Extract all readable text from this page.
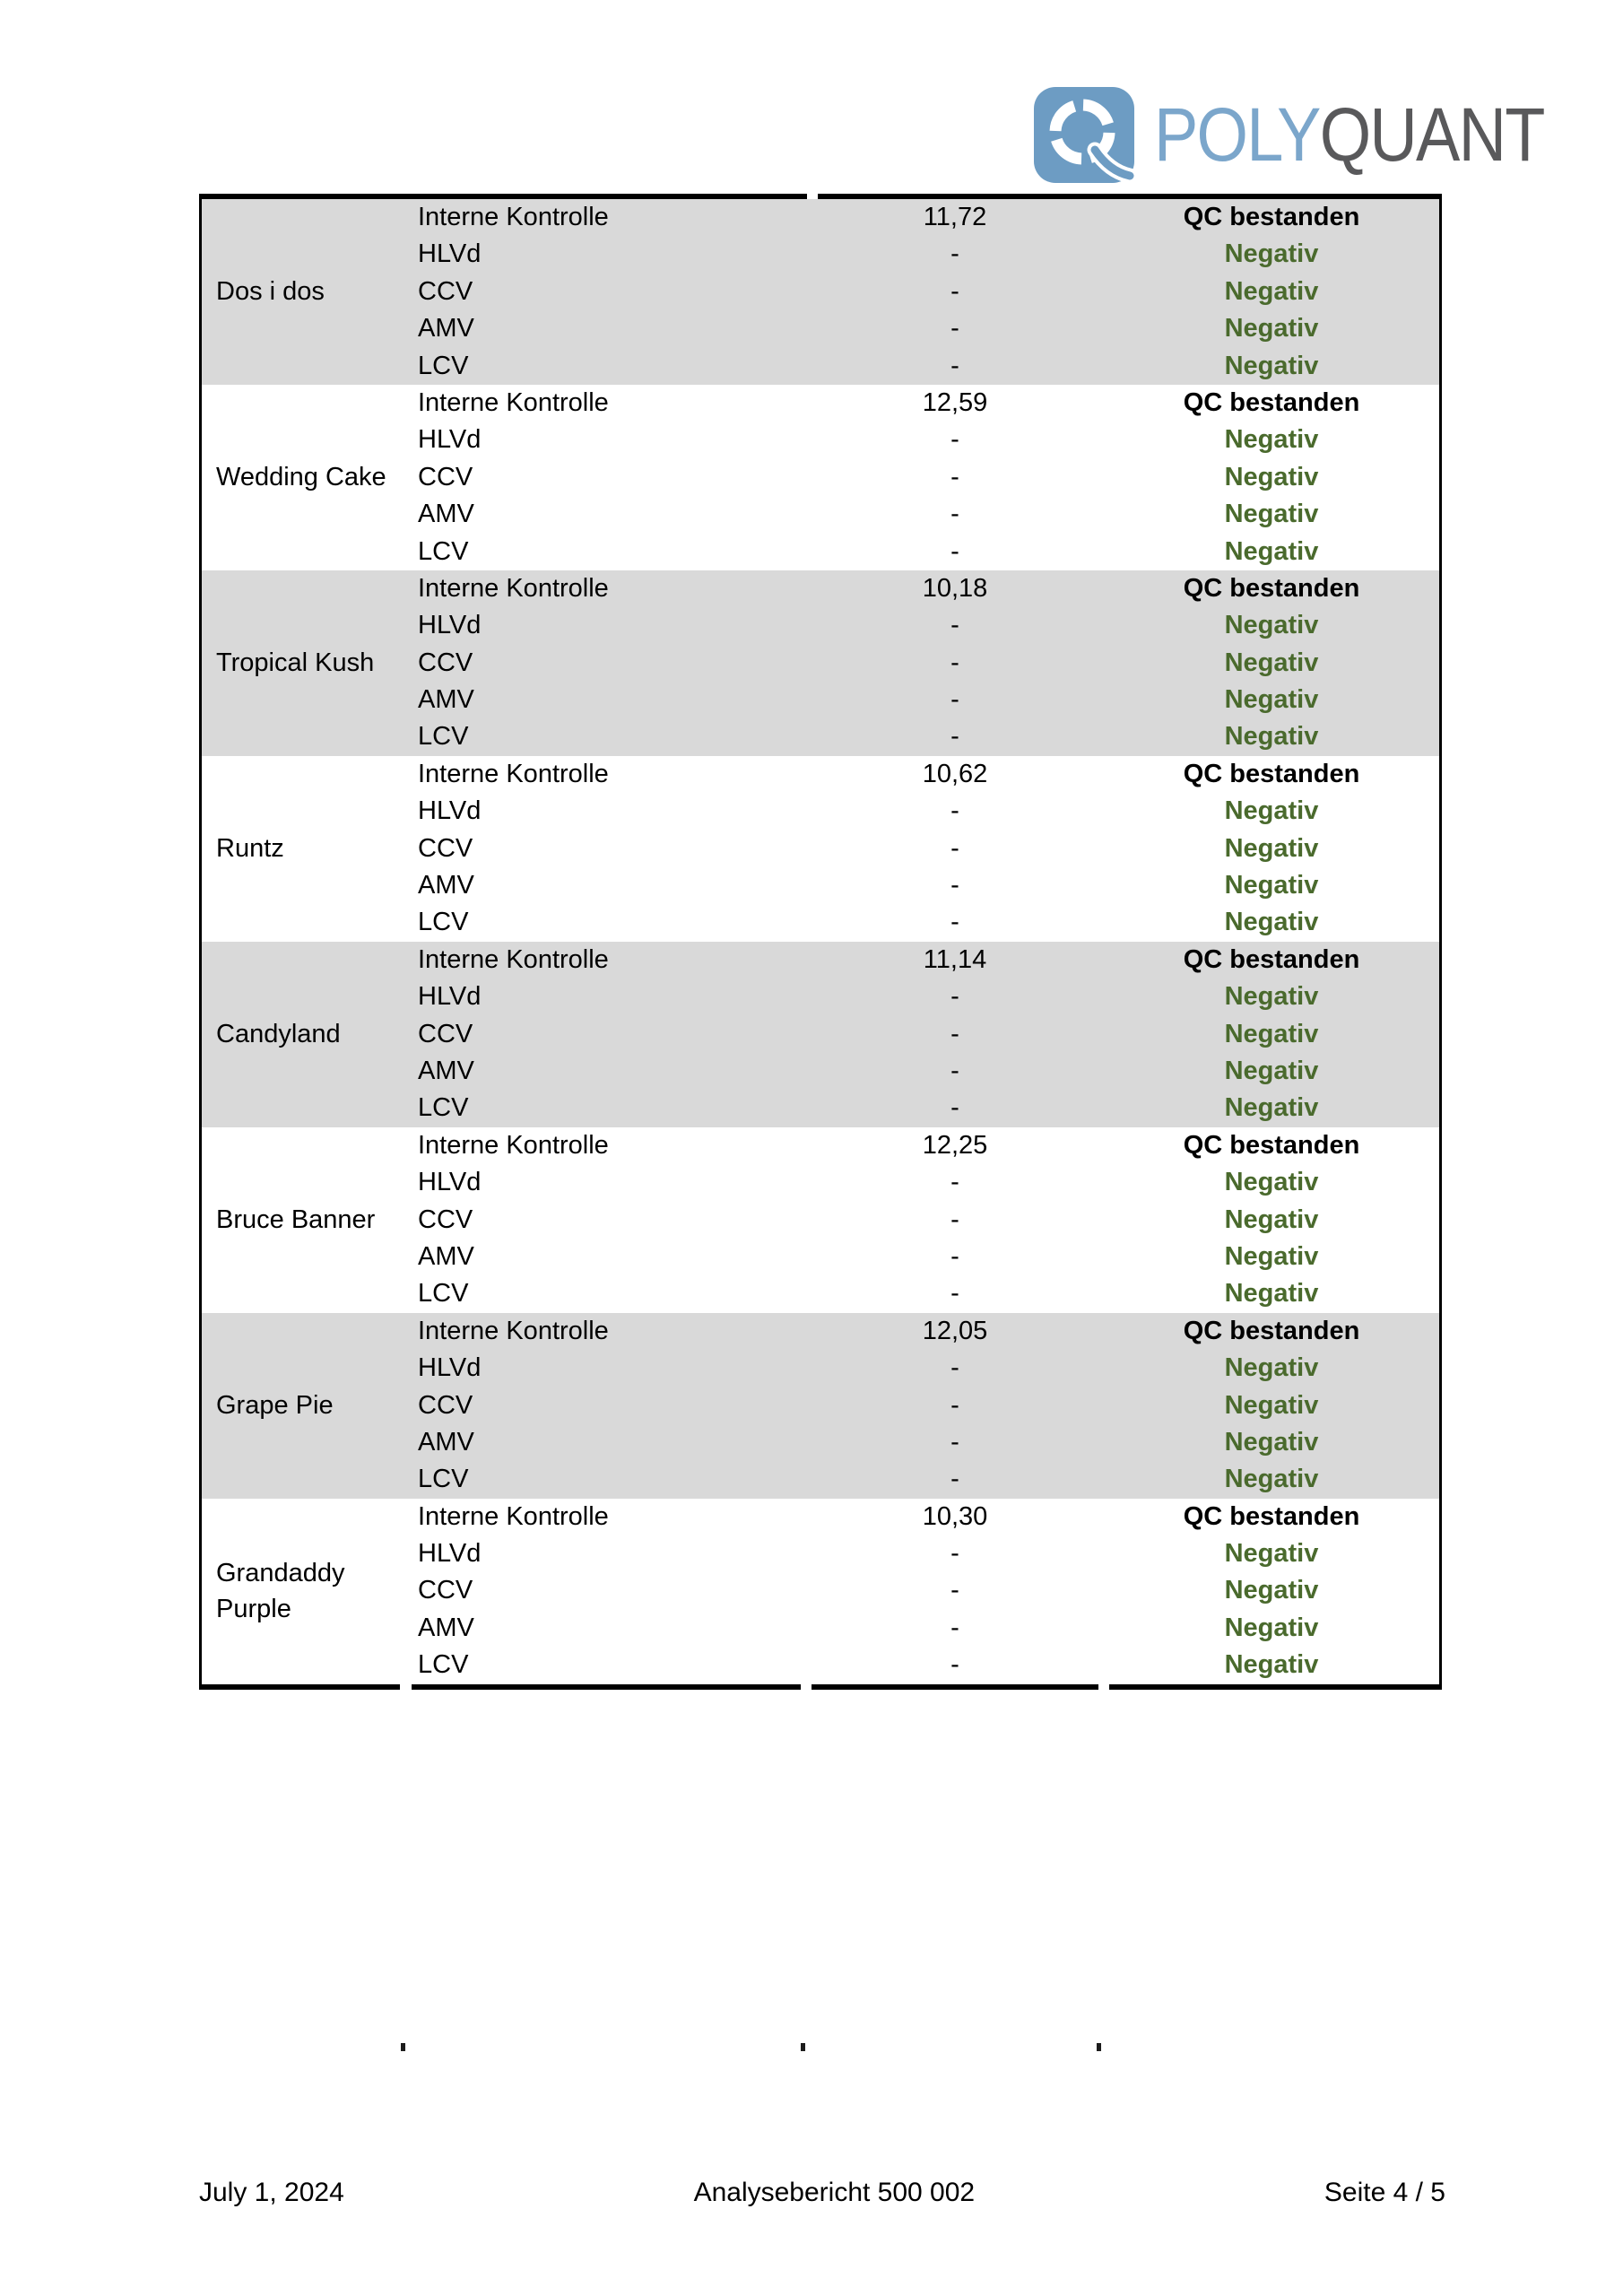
POLYQUANT
Dos i dos
Interne Kontrolle	11,72	QC bestanden
HLVd	-	Negativ
CCV	-	Negativ
AMV	-	Negativ
LCV	-	Negativ
Wedding Cake
Interne Kontrolle	12,59	QC bestanden
HLVd	-	Negativ
CCV	-	Negativ
AMV	-	Negativ
LCV	-	Negativ
Tropical Kush
Interne Kontrolle	10,18	QC bestanden
HLVd	-	Negativ
CCV	-	Negativ
AMV	-	Negativ
LCV	-	Negativ
Runtz
Interne Kontrolle	10,62	QC bestanden
HLVd	-	Negativ
CCV	-	Negativ
AMV	-	Negativ
LCV	-	Negativ
Candyland
Interne Kontrolle	11,14	QC bestanden
HLVd	-	Negativ
CCV	-	Negativ
AMV	-	Negativ
LCV	-	Negativ
Bruce Banner
Interne Kontrolle	12,25	QC bestanden
HLVd	-	Negativ
CCV	-	Negativ
AMV	-	Negativ
LCV	-	Negativ
Grape Pie
Interne Kontrolle	12,05	QC bestanden
HLVd	-	Negativ
CCV	-	Negativ
AMV	-	Negativ
LCV	-	Negativ
Grandaddy Purple
Interne Kontrolle	10,30	QC bestanden
HLVd	-	Negativ
CCV	-	Negativ
AMV	-	Negativ
LCV	-	Negativ
July 1, 2024	Analysebericht 500 002	Seite 4 / 5
